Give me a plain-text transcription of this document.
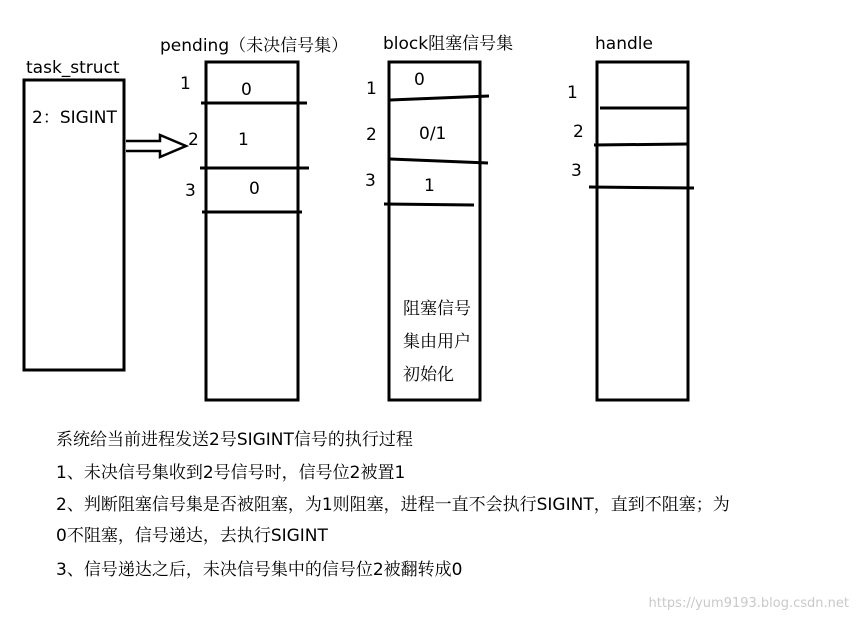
task_struct
2：SIGINT
pending（未决信号集） block阻塞信号集	handle
1
2
3
0
1
0
1
2
3
0
0/1
1
阻塞信号
集由用户
初始化
1
2
3
系统给当前进程发送2号SIGINT信号的执行过程
1、未决信号集收到2号信号时，信号位2被置1
2、判断阻塞信号集是否被阻塞，为1则阻塞，进程一直不会执行SIGINT，直到不阻塞；为
0不阻塞，信号递达，去执行SIGINT
3、信号递达之后，未决信号集中的信号位2被翻转成0
https://yum9193.blog.csdn.net
